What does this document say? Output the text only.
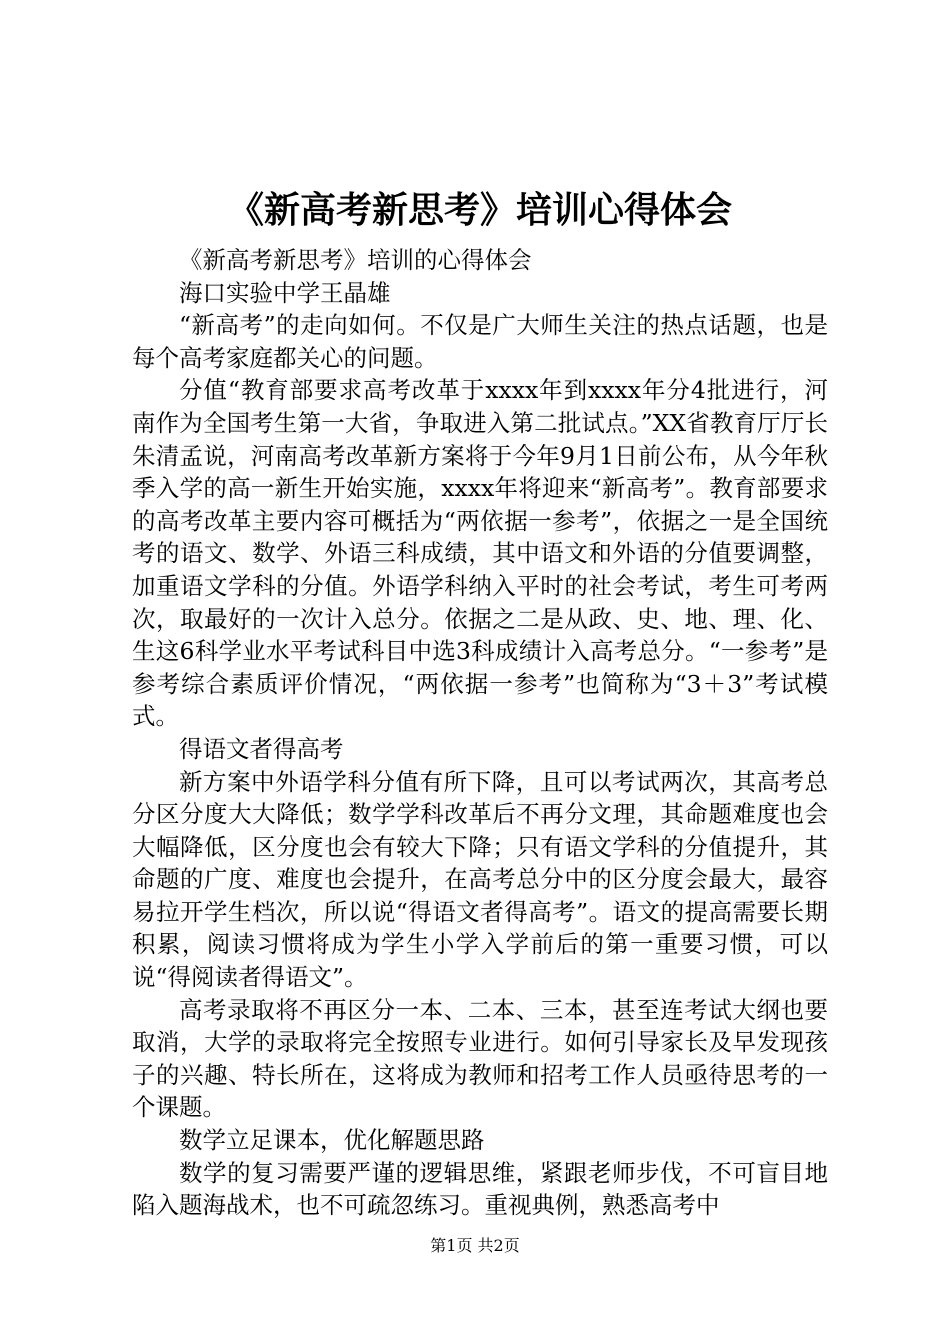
《新高考新思考》培训心得体会

《新高考新思考》培训的心得体会

海口实验中学王晶雄

“新高考”的走向如何。不仅是广大师生关注的热点话题，也是每个高考家庭都关心的问题。

分值“教育部要求高考改革于xxxx年到xxxx年分4批进行，河南作为全国考生第一大省，争取进入第二批试点。”XX省教育厅厅长朱清孟说，河南高考改革新方案将于今年9月1日前公布，从今年秋季入学的高一新生开始实施，xxxx年将迎来“新高考”。教育部要求的高考改革主要内容可概括为“两依据一参考”，依据之一是全国统考的语文、数学、外语三科成绩，其中语文和外语的分值要调整，加重语文学科的分值。外语学科纳入平时的社会考试，考生可考两次，取最好的一次计入总分。依据之二是从政、史、地、理、化、生这6科学业水平考试科目中选3科成绩计入高考总分。“一参考”是参考综合素质评价情况，“两依据一参考”也简称为“3＋3”考试模式。

得语文者得高考

新方案中外语学科分值有所下降，且可以考试两次，其高考总分区分度大大降低；数学学科改革后不再分文理，其命题难度也会大幅降低，区分度也会有较大下降；只有语文学科的分值提升，其命题的广度、难度也会提升，在高考总分中的区分度会最大，最容易拉开学生档次，所以说“得语文者得高考”。语文的提高需要长期积累，阅读习惯将成为学生小学入学前后的第一重要习惯，可以说“得阅读者得语文”。

高考录取将不再区分一本、二本、三本，甚至连考试大纲也要取消，大学的录取将完全按照专业进行。如何引导家长及早发现孩子的兴趣、特长所在，这将成为教师和招考工作人员亟待思考的一个课题。

数学立足课本，优化解题思路

数学的复习需要严谨的逻辑思维，紧跟老师步伐，不可盲目地陷入题海战术，也不可疏忽练习。重视典例，熟悉高考中

第1页 共2页
